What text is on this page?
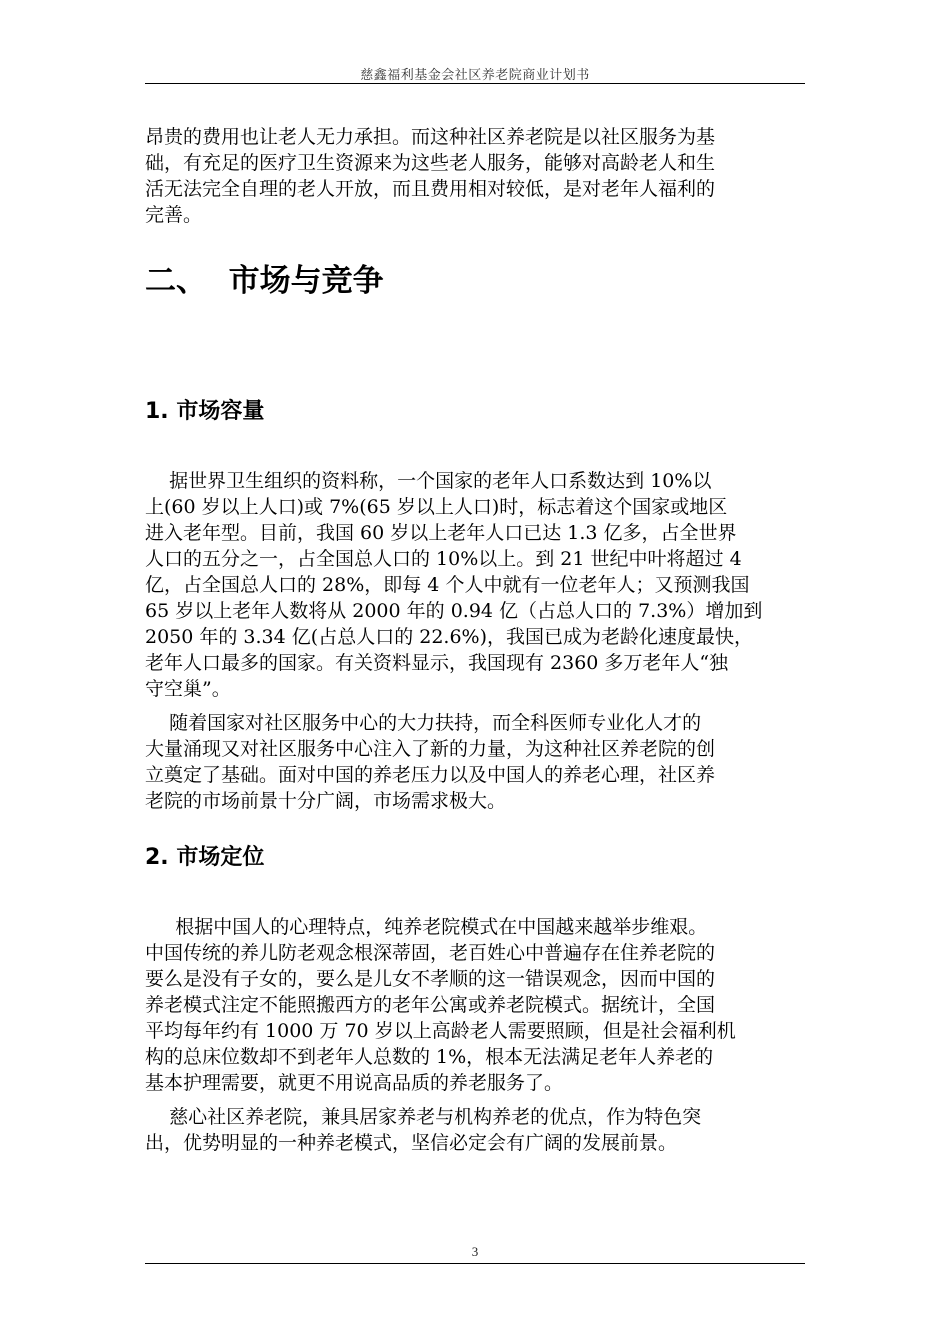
慈鑫福利基金会社区养老院商业计划书

昂贵的费用也让老人无力承担。而这种社区养老院是以社区服务为基
础，有充足的医疗卫生资源来为这些老人服务，能够对高龄老人和生
活无法完全自理的老人开放，而且费用相对较低，是对老年人福利的
完善。

二、  市场与竞争
1. 市场容量

据世界卫生组织的资料称，一个国家的老年人口系数达到 10%以
上(60 岁以上人口)或 7%(65 岁以上人口)时，标志着这个国家或地区
进入老年型。目前，我国 60 岁以上老年人口已达 1.3 亿多，占全世界
人口的五分之一，占全国总人口的 10%以上。到 21 世纪中叶将超过 4
亿，占全国总人口的 28%，即每 4 个人中就有一位老年人；又预测我国
65 岁以上老年人数将从 2000 年的 0.94 亿（占总人口的 7.3%）增加到
2050 年的 3.34 亿(占总人口的 22.6%)，我国已成为老龄化速度最快，
老年人口最多的国家。有关资料显示，我国现有 2360 多万老年人“独
守空巢”。

随着国家对社区服务中心的大力扶持，而全科医师专业化人才的
大量涌现又对社区服务中心注入了新的力量，为这种社区养老院的创
立奠定了基础。面对中国的养老压力以及中国人的养老心理，社区养
老院的市场前景十分广阔，市场需求极大。

2. 市场定位

根据中国人的心理特点，纯养老院模式在中国越来越举步维艰。
中国传统的养儿防老观念根深蒂固，老百姓心中普遍存在住养老院的
要么是没有子女的，要么是儿女不孝顺的这一错误观念，因而中国的
养老模式注定不能照搬西方的老年公寓或养老院模式。据统计，全国
平均每年约有 1000 万 70 岁以上高龄老人需要照顾，但是社会福利机
构的总床位数却不到老年人总数的 1%，根本无法满足老年人养老的
基本护理需要，就更不用说高品质的养老服务了。

慈心社区养老院，兼具居家养老与机构养老的优点，作为特色突
出，优势明显的一种养老模式，坚信必定会有广阔的发展前景。

3
